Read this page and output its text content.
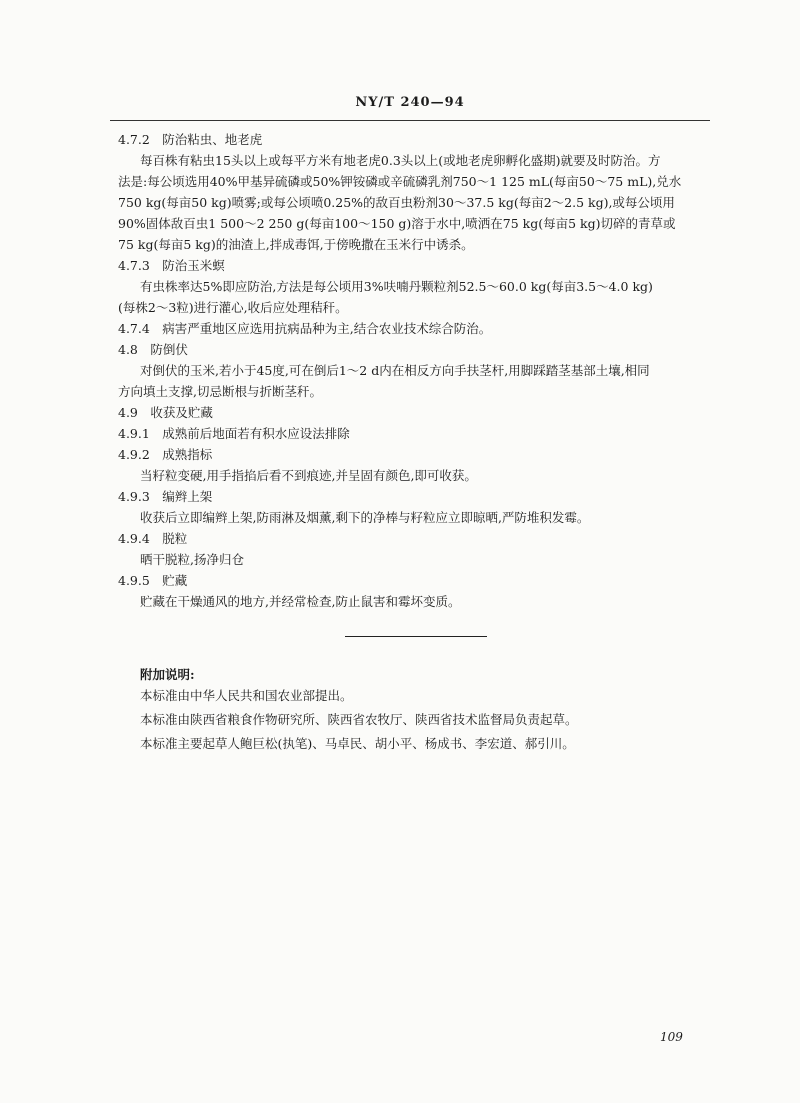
NY/T 240—94
4.7.2　防治粘虫、地老虎
每百株有粘虫15头以上或每平方米有地老虎0.3头以上(或地老虎卵孵化盛期)就要及时防治。方
法是:每公顷选用40%甲基异硫磷或50%钾铵磷或辛硫磷乳剂750～1 125 mL(每亩50～75 mL),兑水
750 kg(每亩50 kg)喷雾;或每公顷喷0.25%的敌百虫粉剂30～37.5 kg(每亩2～2.5 kg),或每公顷用
90%固体敌百虫1 500～2 250 g(每亩100～150 g)溶于水中,喷洒在75 kg(每亩5 kg)切碎的青草或
75 kg(每亩5 kg)的油渣上,拌成毒饵,于傍晚撒在玉米行中诱杀。
4.7.3　防治玉米螟
有虫株率达5%即应防治,方法是每公顷用3%呋喃丹颗粒剂52.5～60.0 kg(每亩3.5～4.0 kg)
(每株2～3粒)进行灌心,收后应处理秸秆。
4.7.4　病害严重地区应选用抗病品种为主,结合农业技术综合防治。
4.8　防倒伏
对倒伏的玉米,若小于45度,可在倒后1～2 d内在相反方向手扶茎杆,用脚踩踏茎基部土壤,相同
方向填土支撑,切忌断根与折断茎秆。
4.9　收获及贮藏
4.9.1　成熟前后地面若有积水应设法排除
4.9.2　成熟指标
当籽粒变硬,用手指掐后看不到痕迹,并呈固有颜色,即可收获。
4.9.3　编辫上架
收获后立即编辫上架,防雨淋及烟薰,剩下的净棒与籽粒应立即晾晒,严防堆积发霉。
4.9.4　脱粒
晒干脱粒,扬净归仓
4.9.5　贮藏
贮藏在干燥通风的地方,并经常检查,防止鼠害和霉坏变质。
附加说明:
本标准由中华人民共和国农业部提出。
本标准由陕西省粮食作物研究所、陕西省农牧厅、陕西省技术监督局负责起草。
本标准主要起草人鲍巨松(执笔)、马卓民、胡小平、杨成书、李宏道、郝引川。
109
